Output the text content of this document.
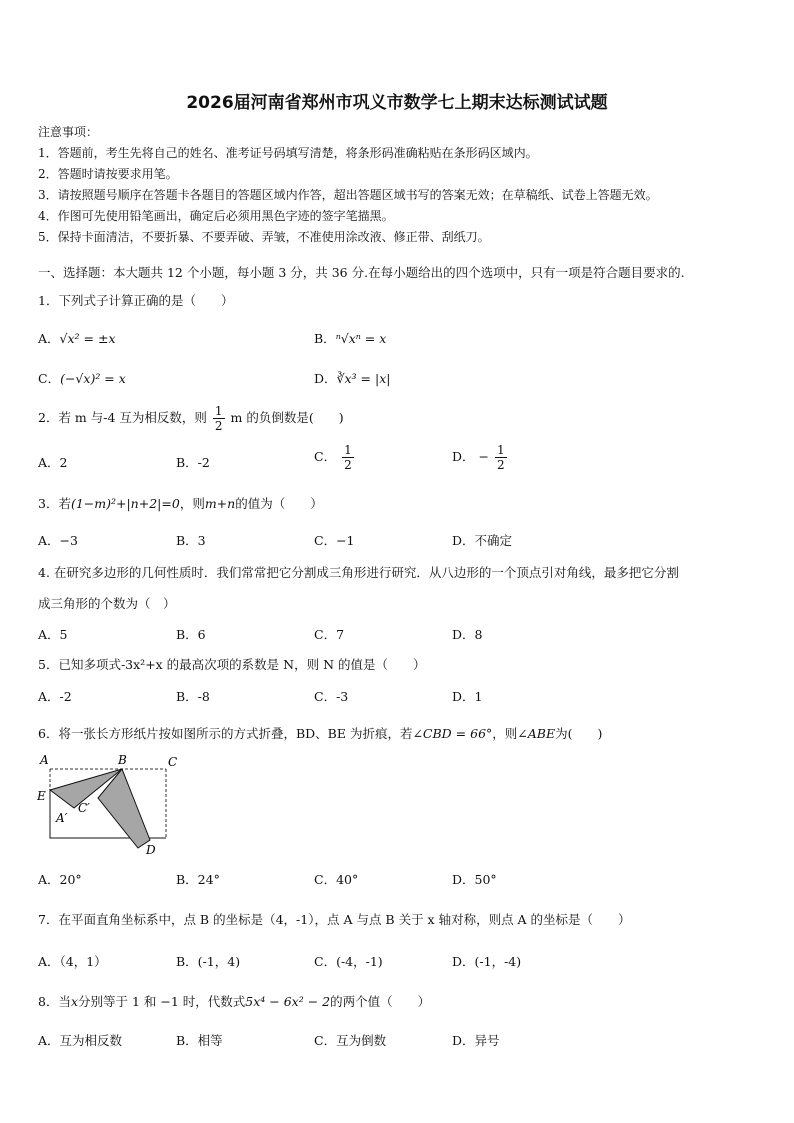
2026届河南省郑州市巩义市数学七上期末达标测试试题
注意事项：
1．答题前，考生先将自己的姓名、准考证号码填写清楚，将条形码准确粘贴在条形码区域内。
2．答题时请按要求用笔。
3．请按照题号顺序在答题卡各题目的答题区域内作答，超出答题区域书写的答案无效；在草稿纸、试卷上答题无效。
4．作图可先使用铅笔画出，确定后必须用黑色字迹的签字笔描黑。
5．保持卡面清洁，不要折暴、不要弄破、弄皱，不准使用涂改液、修正带、刮纸刀。
一、选择题：本大题共 12 个小题，每小题 3 分，共 36 分.在每小题给出的四个选项中，只有一项是符合题目要求的.
1．下列式子计算正确的是（　　）
A．√x² = ±x	B．ⁿ√xⁿ = x
C．(−√x)² = x	D．∛x³ = |x|
2．若 m 与-4 互为相反数，则 $\frac{1}{2}$ m 的负倒数是(　　)
A．2	B．-2	C． $\frac{1}{2}$	D． − $\frac{1}{2}$
3．若(1−m)²+|n+2|=0，则m+n的值为（　　）
A．−3	B．3	C．−1	D．不确定
4. 在研究多边形的几何性质时．我们常常把它分割成三角形进行研究．从八边形的一个顶点引对角线，最多把它分割
成三角形的个数为（　）
A．5	B．6	C．7	D．8
5．已知多项式-3x²+x 的最高次项的系数是 N，则 N 的值是（　　）
A．-2	B．-8	C．-3	D．1
6．将一张长方形纸片按如图所示的方式折叠，BD、BE 为折痕，若∠CBD = 66°，则∠ABE为(　　)
A	B	C
E
A′
C′
D
A．20°	B．24°	C．40°	D．50°
7．在平面直角坐标系中，点 B 的坐标是（4，-1），点 A 与点 B 关于 x 轴对称，则点 A 的坐标是（　　）
A．（4，1）	B．(-1，4)	C．(-4，-1)	D．(-1，-4)
8．当x分别等于 1 和 −1 时，代数式5x⁴ − 6x² − 2的两个值（　　）
A．互为相反数	B．相等	C．互为倒数	D．异号
